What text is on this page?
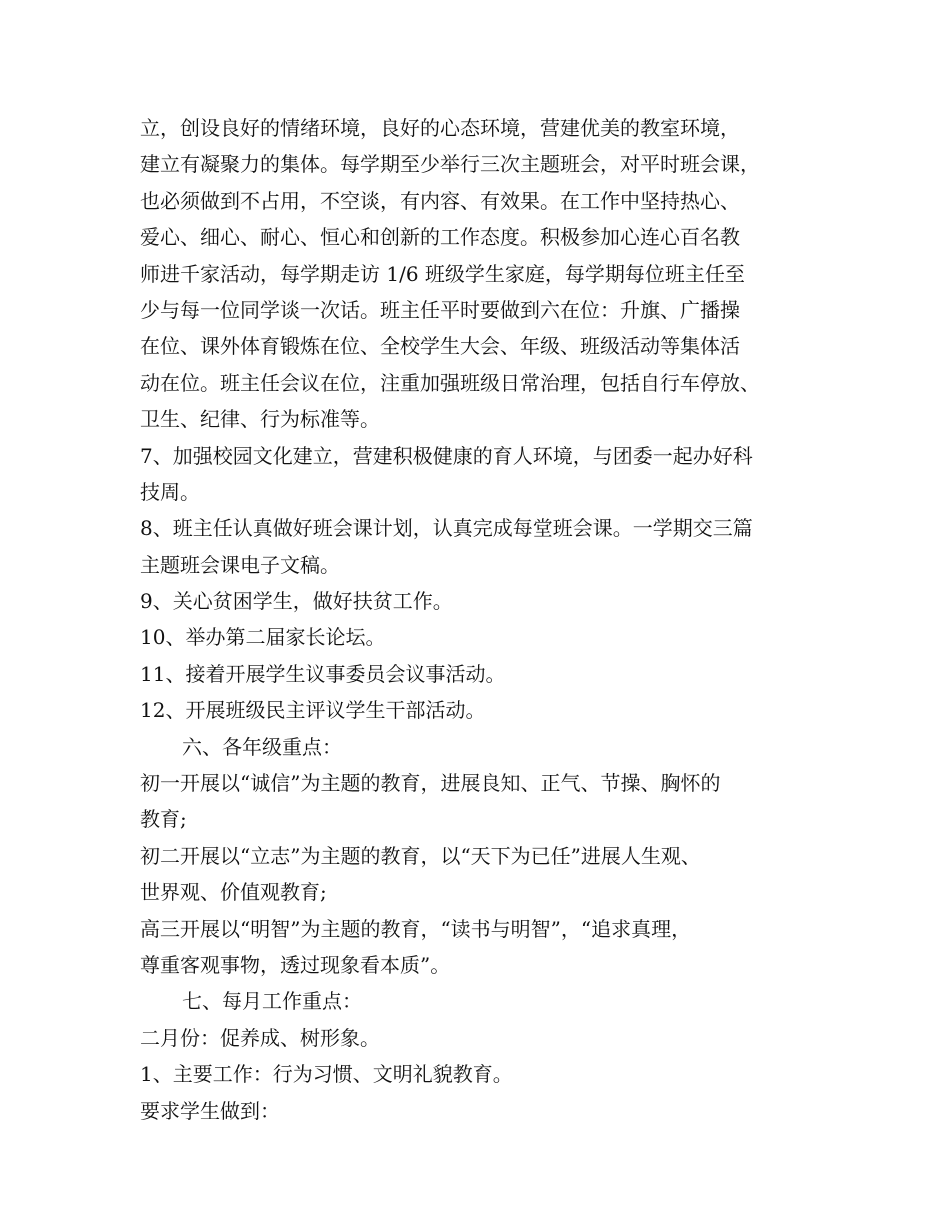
立，创设良好的情绪环境，良好的心态环境，营建优美的教室环境，
建立有凝聚力的集体。每学期至少举行三次主题班会，对平时班会课，
也必须做到不占用，不空谈，有内容、有效果。在工作中坚持热心、
爱心、细心、耐心、恒心和创新的工作态度。积极参加心连心百名教
师进千家活动，每学期走访 1/6 班级学生家庭，每学期每位班主任至
少与每一位同学谈一次话。班主任平时要做到六在位：升旗、广播操
在位、课外体育锻炼在位、全校学生大会、年级、班级活动等集体活
动在位。班主任会议在位，注重加强班级日常治理，包括自行车停放、
卫生、纪律、行为标准等。
7、加强校园文化建立，营建积极健康的育人环境，与团委一起办好科
技周。
8、班主任认真做好班会课计划，认真完成每堂班会课。一学期交三篇
主题班会课电子文稿。
9、关心贫困学生，做好扶贫工作。
10、举办第二届家长论坛。
11、接着开展学生议事委员会议事活动。
12、开展班级民主评议学生干部活动。
六、各年级重点：
初一开展以“诚信”为主题的教育，进展良知、正气、节操、胸怀的
教育;
初二开展以“立志”为主题的教育，以“天下为已任”进展人生观、
世界观、价值观教育;
高三开展以“明智”为主题的教育，“读书与明智”，“追求真理，
尊重客观事物，透过现象看本质”。
七、每月工作重点：
二月份：促养成、树形象。
1、主要工作：行为习惯、文明礼貌教育。
要求学生做到：
